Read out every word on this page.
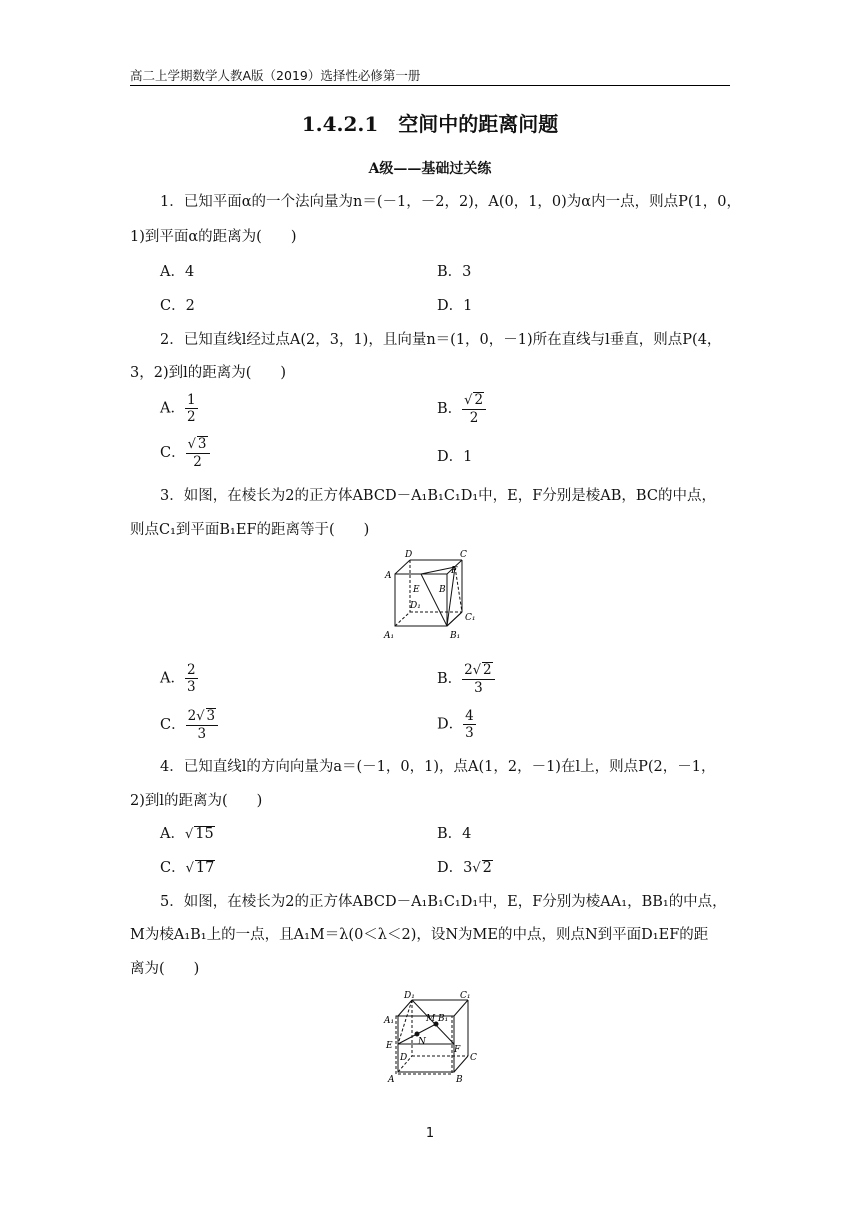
高二上学期数学人教A版（2019）选择性必修第一册
1.4.2.1　空间中的距离问题
A级——基础过关练
1．已知平面α的一个法向量为n＝(－1，－2，2)，A(0，1，0)为α内一点，则点P(1，0，
1)到平面α的距离为(　　)
A．4	B．3
C．2	D．1
2．已知直线l经过点A(2，3，1)，且向量n＝(1，0，－1)所在直线与l垂直，则点P(4，
3，2)到l的距离为(　　)
A． $\frac{1}{2}$	B． $\frac{√ 2}{2}$
C． $\frac{√ 3}{2}$	D．1
3．如图，在棱长为2的正方体ABCD－A₁B₁C₁D₁中，E，F分别是棱AB，BC的中点，
则点C₁到平面B₁EF的距离等于(　　)
D	C
A	F
E B
D₁
C₁
A₁	B₁
A． $\frac{2}{3}$	B． $\frac{2√ 2}{3}$
C． $\frac{2√ 3}{3}$	D． $\frac{4}{3}$
4．已知直线l的方向向量为a＝(－1，0，1)，点A(1，2，－1)在l上，则点P(2，－1，
2)到l的距离为(　　)
A．√ 15	B．4
C．√ 17	D．3√ 2
5．如图，在棱长为2的正方体ABCD－A₁B₁C₁D₁中，E，F分别为棱AA₁，BB₁的中点，
M为棱A₁B₁上的一点，且A₁M＝λ(0＜λ＜2)，设N为ME的中点，则点N到平面D₁EF的距
离为(　　)
D₁	C₁
A₁	M B₁
E	N
F
C
D
A	B
1
